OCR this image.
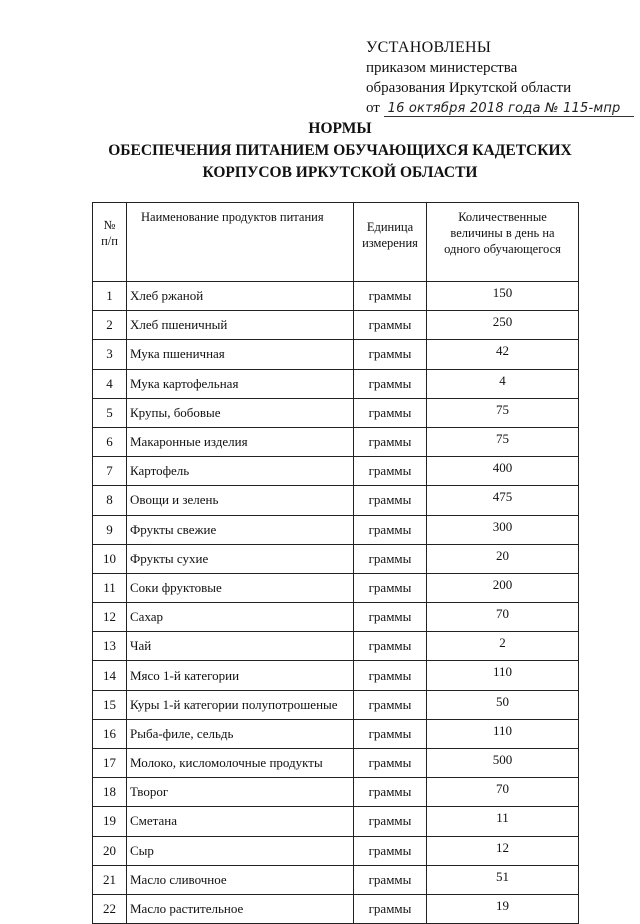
УСТАНОВЛЕНЫ
приказом министерства
образования Иркутской области
от 16 октября 2018 года № 115-мпр
НОРМЫ
ОБЕСПЕЧЕНИЯ ПИТАНИЕМ ОБУЧАЮЩИХСЯ КАДЕТСКИХ
КОРПУСОВ ИРКУТСКОЙ ОБЛАСТИ
№ п/п	Наименование продуктов питания	Единица измерения	Количественные величины в день на одного обучающегося
1	Хлеб ржаной	граммы	150
2	Хлеб пшеничный	граммы	250
3	Мука пшеничная	граммы	42
4	Мука картофельная	граммы	4
5	Крупы, бобовые	граммы	75
6	Макаронные изделия	граммы	75
7	Картофель	граммы	400
8	Овощи и зелень	граммы	475
9	Фрукты свежие	граммы	300
10	Фрукты сухие	граммы	20
11	Соки фруктовые	граммы	200
12	Сахар	граммы	70
13	Чай	граммы	2
14	Мясо 1-й категории	граммы	110
15	Куры 1-й категории полупотрошеные	граммы	50
16	Рыба-филе, сельдь	граммы	110
17	Молоко, кисломолочные продукты	граммы	500
18	Творог	граммы	70
19	Сметана	граммы	11
20	Сыр	граммы	12
21	Масло сливочное	граммы	51
22	Масло растительное	граммы	19
